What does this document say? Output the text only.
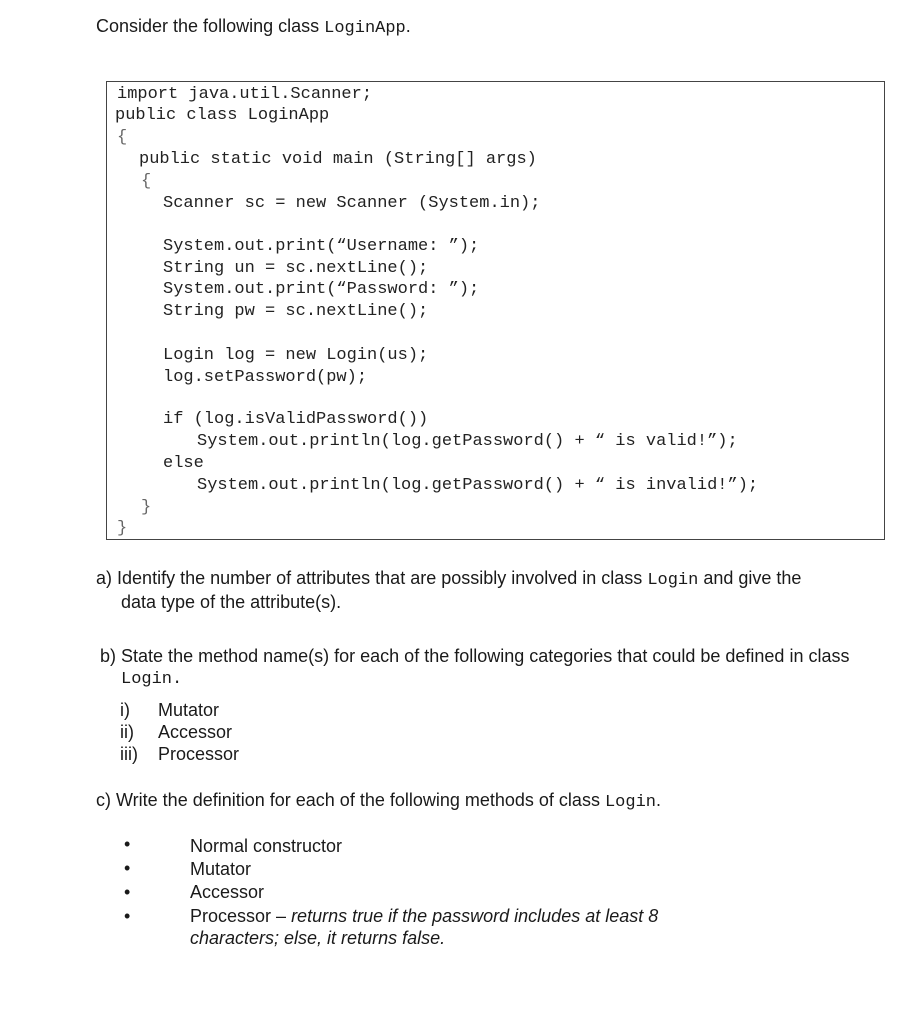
Consider the following class LoginApp.
import java.util.Scanner;
public class LoginApp
{
public static void main (String[] args)
{
Scanner sc = new Scanner (System.in);
System.out.print(“Username: ”);
String un = sc.nextLine();
System.out.print(“Password: ”);
String pw = sc.nextLine();
Login log = new Login(us);
log.setPassword(pw);
if (log.isValidPassword())
System.out.println(log.getPassword() + “ is valid!”);
else
System.out.println(log.getPassword() + “ is invalid!”);
}
}
a) Identify the number of attributes that are possibly involved in class Login and give the
data type of the attribute(s).
b) State the method name(s) for each of the following categories that could be defined in class
Login.
i) Mutator
ii) Accessor
iii) Processor
c) Write the definition for each of the following methods of class Login.
•	Normal constructor
•	Mutator
•	Accessor
•	Processor – returns true if the password includes at least 8
characters; else, it returns false.
